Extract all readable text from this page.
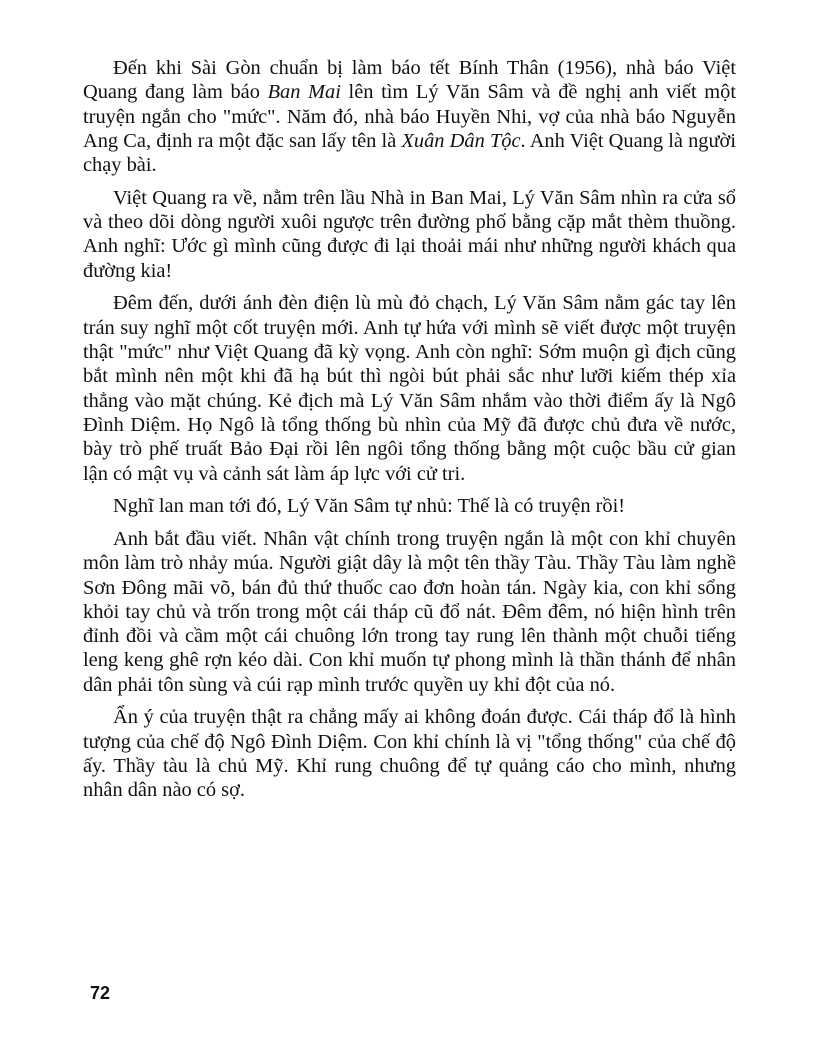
Đến khi Sài Gòn chuẩn bị làm báo tết Bính Thân (1956), nhà báo Việt Quang đang làm báo Ban Mai lên tìm Lý Văn Sâm và đề nghị anh viết một truyện ngắn cho "mức". Năm đó, nhà báo Huyền Nhi, vợ của nhà báo Nguyễn Ang Ca, định ra một đặc san lấy tên là Xuân Dân Tộc. Anh Việt Quang là người chạy bài.

Việt Quang ra về, nằm trên lầu Nhà in Ban Mai, Lý Văn Sâm nhìn ra cửa sổ và theo dõi dòng người xuôi ngược trên đường phố bằng cặp mắt thèm thuồng. Anh nghĩ: Ước gì mình cũng được đi lại thoải mái như những người khách qua đường kia!

Đêm đến, dưới ánh đèn điện lù mù đỏ chạch, Lý Văn Sâm nằm gác tay lên trán suy nghĩ một cốt truyện mới. Anh tự hứa với mình sẽ viết được một truyện thật "mức" như Việt Quang đã kỳ vọng. Anh còn nghĩ: Sớm muộn gì địch cũng bắt mình nên một khi đã hạ bút thì ngòi bút phải sắc như lưỡi kiếm thép xỉa thẳng vào mặt chúng. Kẻ địch mà Lý Văn Sâm nhắm vào thời điểm ấy là Ngô Đình Diệm. Họ Ngô là tổng thống bù nhìn của Mỹ đã được chủ đưa về nước, bày trò phế truất Bảo Đại rồi lên ngôi tổng thống bằng một cuộc bầu cử gian lận có mật vụ và cảnh sát làm áp lực với cử tri.

Nghĩ lan man tới đó, Lý Văn Sâm tự nhủ: Thế là có truyện rồi!

Anh bắt đầu viết. Nhân vật chính trong truyện ngắn là một con khỉ chuyên môn làm trò nhảy múa. Người giật dây là một tên thầy Tàu. Thầy Tàu làm nghề Sơn Đông mãi võ, bán đủ thứ thuốc cao đơn hoàn tán. Ngày kia, con khỉ sổng khỏi tay chủ và trốn trong một cái tháp cũ đổ nát. Đêm đêm, nó hiện hình trên đỉnh đồi và cầm một cái chuông lớn trong tay rung lên thành một chuỗi tiếng leng keng ghê rợn kéo dài. Con khỉ muốn tự phong mình là thần thánh để nhân dân phải tôn sùng và cúi rạp mình trước quyền uy khỉ đột của nó.

Ẩn ý của truyện thật ra chẳng mấy ai không đoán được. Cái tháp đổ là hình tượng của chế độ Ngô Đình Diệm. Con khỉ chính là vị "tổng thống" của chế độ ấy. Thầy tàu là chủ Mỹ. Khỉ rung chuông để tự quảng cáo cho mình, nhưng nhân dân nào có sợ.

72
